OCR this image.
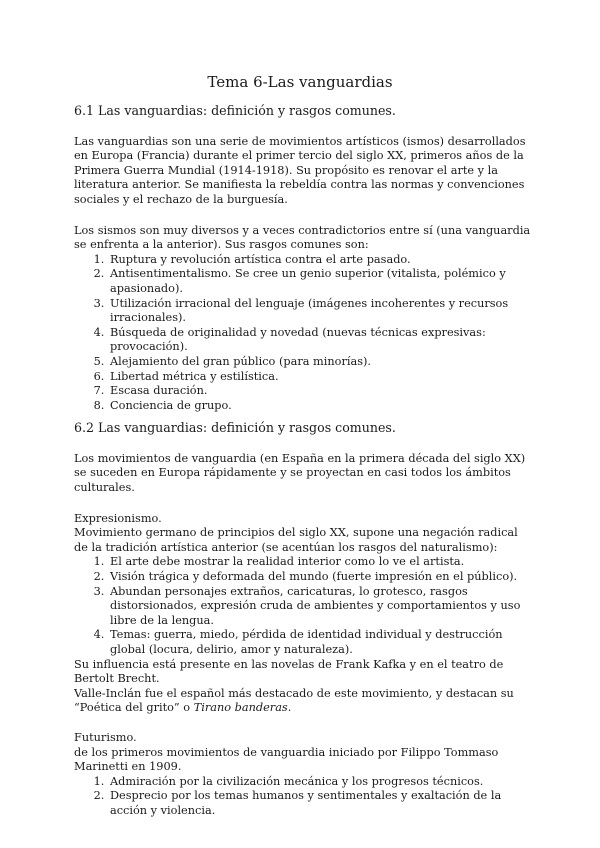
Tema 6-Las vanguardias
6.1 Las vanguardias: definición y rasgos comunes.
Las vanguardias son una serie de movimientos artísticos (ismos) desarrollados en Europa (Francia) durante el primer tercio del siglo XX, primeros años de la Primera Guerra Mundial (1914-1918). Su propósito es renovar el arte y la literatura anterior. Se manifiesta la rebeldía contra las normas y convenciones sociales y el rechazo de la burguesía.
Los sismos son muy diversos y a veces contradictorios entre sí (una vanguardia se enfrenta a la anterior). Sus rasgos comunes son:
1. Ruptura y revolución artística contra el arte pasado.
2. Antisentimentalismo. Se cree un genio superior (vitalista, polémico y apasionado).
3. Utilización irracional del lenguaje (imágenes incoherentes y recursos irracionales).
4. Búsqueda de originalidad y novedad (nuevas técnicas expresivas: provocación).
5. Alejamiento del gran público (para minorías).
6. Libertad métrica y estilística.
7. Escasa duración.
8. Conciencia de grupo.
6.2 Las vanguardias: definición y rasgos comunes.
Los movimientos de vanguardia (en España en la primera década del siglo XX) se suceden en Europa rápidamente y se proyectan en casi todos los ámbitos culturales.
Expresionismo.
Movimiento germano de principios del siglo XX, supone una negación radical de la tradición artística anterior (se acentúan los rasgos del naturalismo):
1. El arte debe mostrar la realidad interior como lo ve el artista.
2. Visión trágica y deformada del mundo (fuerte impresión en el público).
3. Abundan personajes extraños, caricaturas, lo grotesco, rasgos distorsionados, expresión cruda de ambientes y comportamientos y uso libre de la lengua.
4. Temas: guerra, miedo, pérdida de identidad individual y destrucción global (locura, delirio, amor y naturaleza).
Su influencia está presente en las novelas de Frank Kafka y en el teatro de Bertolt Brecht.
Valle-Inclán fue el español más destacado de este movimiento, y destacan su “Poética del grito” o Tirano banderas.
Futurismo.
de los primeros movimientos de vanguardia iniciado por Filippo Tommaso Marinetti en 1909.
1. Admiración por la civilización mecánica y los progresos técnicos.
2. Desprecio por los temas humanos y sentimentales y exaltación de la acción y violencia.
